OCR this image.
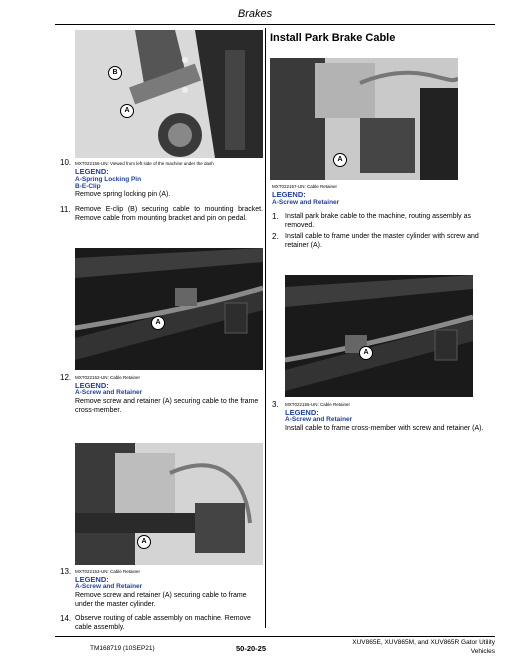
Brakes
B
A
10. MXT022156-UN: Viewed from left side of the machine under the dash
LEGEND:
A-Spring Locking Pin
B-E-Clip
Remove spring locking pin (A).
11. Remove E-clip (B) securing cable to mounting bracket. Remove cable from mounting bracket and pin on pedal.
A
12. MXT022152-UN: Cable Retainer
LEGEND:
A-Screw and Retainer
Remove screw and retainer (A) securing cable to the frame cross-member.
A
13. MXT022153-UN: Cable Retainer
LEGEND:
A-Screw and Retainer
Remove screw and retainer (A) securing cable to frame under the master cylinder.
14. Observe routing of cable assembly on machine. Remove cable assembly.
Install Park Brake Cable
A
MXT022157-UN: Cable Retainer
LEGEND:
A-Screw and Retainer
1. Install park brake cable to the machine, routing assembly as removed.
2. Install cable to frame under the master cylinder with screw and retainer (A).
A
3. MXT022155-UN: Cable Retainer
LEGEND:
A-Screw and Retainer
Install cable to frame cross-member with screw and retainer (A).
TM168719 (10SEP21)	50-20-25
XUV865E, XUV865M, and XUV865R Gator Utility
Vehicles
